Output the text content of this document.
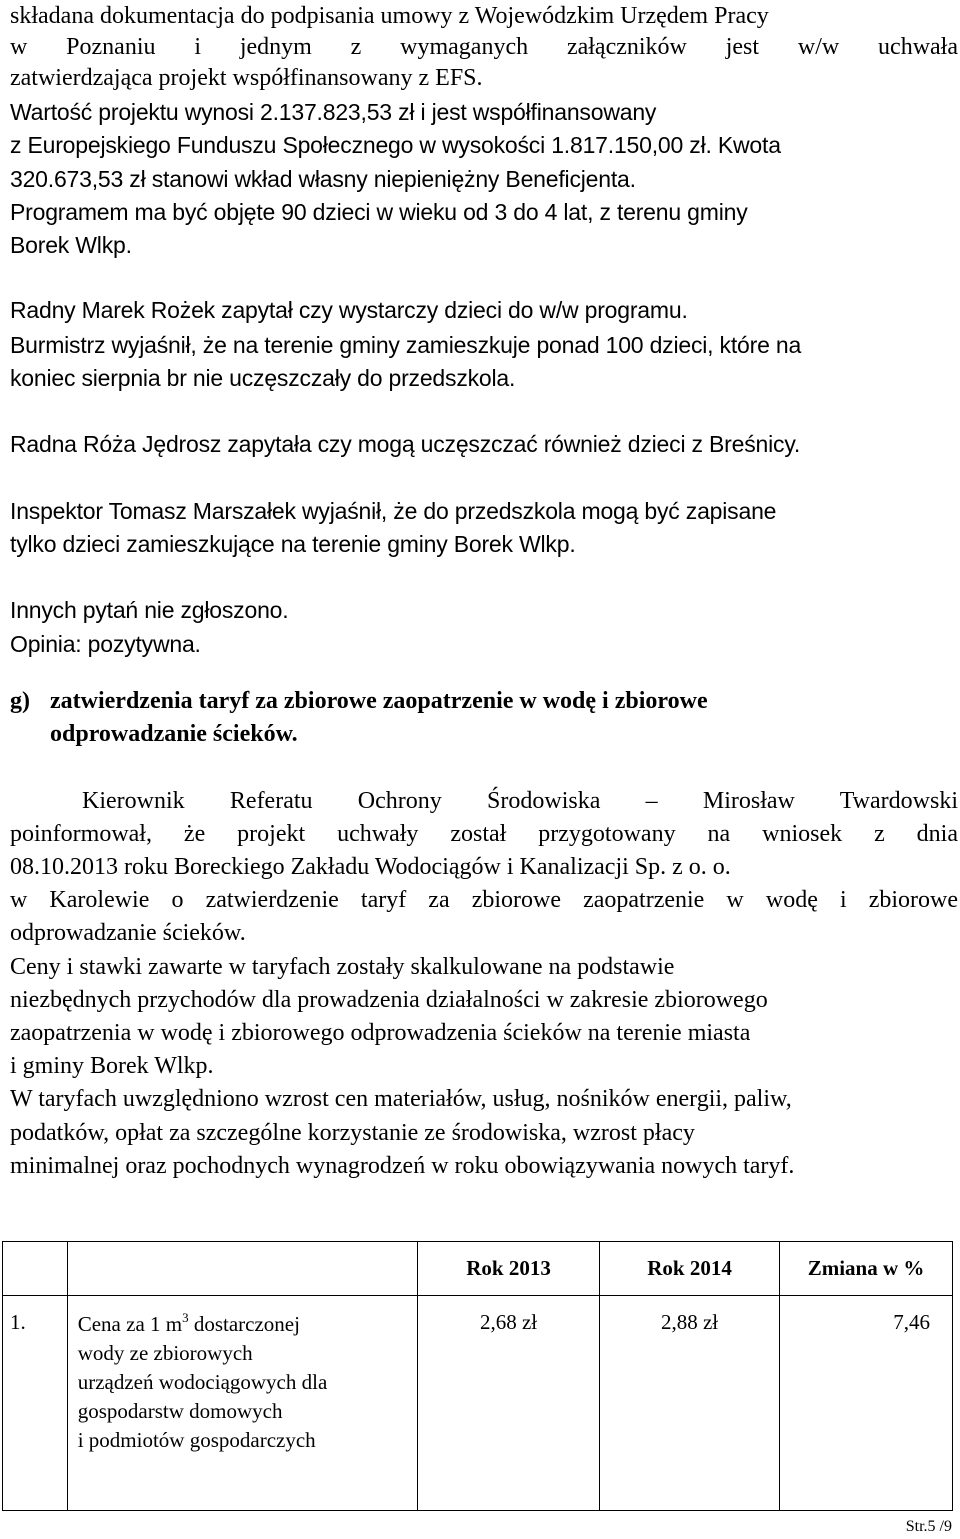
składana dokumentacja do podpisania umowy z Wojewódzkim Urzędem Pracy
w Poznaniu i jednym z wymaganych załączników jest w/w uchwała
zatwierdzająca projekt współfinansowany z EFS.
Wartość projektu wynosi 2.137.823,53 zł i jest współfinansowany
z Europejskiego Funduszu Społecznego w wysokości 1.817.150,00 zł. Kwota
320.673,53 zł stanowi wkład własny niepieniężny Beneficjenta.
Programem ma być objęte 90 dzieci w wieku od 3 do 4 lat, z terenu gminy
Borek Wlkp.
Radny Marek Rożek zapytał czy wystarczy dzieci do w/w programu.
Burmistrz wyjaśnił, że na terenie gminy zamieszkuje ponad 100 dzieci, które na
koniec sierpnia br nie uczęszczały do przedszkola.
Radna Róża Jędrosz zapytała czy mogą uczęszczać również dzieci z Breśnicy.
Inspektor Tomasz Marszałek wyjaśnił, że do przedszkola mogą być zapisane
tylko dzieci zamieszkujące na terenie gminy Borek Wlkp.
Innych pytań nie zgłoszono.
Opinia: pozytywna.
g) zatwierdzenia taryf za zbiorowe zaopatrzenie w wodę i zbiorowe
odprowadzanie ścieków.
Kierownik Referatu Ochrony Środowiska – Mirosław Twardowski
poinformował, że projekt uchwały został przygotowany na wniosek z dnia
08.10.2013 roku Boreckiego Zakładu Wodociągów i Kanalizacji Sp. z o. o.
w Karolewie o zatwierdzenie taryf za zbiorowe zaopatrzenie w wodę i zbiorowe
odprowadzanie ścieków.
Ceny i stawki zawarte w taryfach zostały skalkulowane na podstawie
niezbędnych przychodów dla prowadzenia działalności w zakresie zbiorowego
zaopatrzenia w wodę i zbiorowego odprowadzenia ścieków na terenie miasta
i gminy Borek Wlkp.
W taryfach uwzględniono wzrost cen materiałów, usług, nośników energii, paliw,
podatków, opłat za szczególne korzystanie ze środowiska, wzrost płacy
minimalnej oraz pochodnych wynagrodzeń w roku obowiązywania nowych taryf.
		Rok 2013	Rok 2014	Zmiana w %
1.	Cena za 1 $m^3$ dostarczonej
wody ze zbiorowych
urządzeń wodociągowych dla
gospodarstw domowych
i podmiotów gospodarczych	2,68 zł	2,88 zł	7,46
Str.5 /9
